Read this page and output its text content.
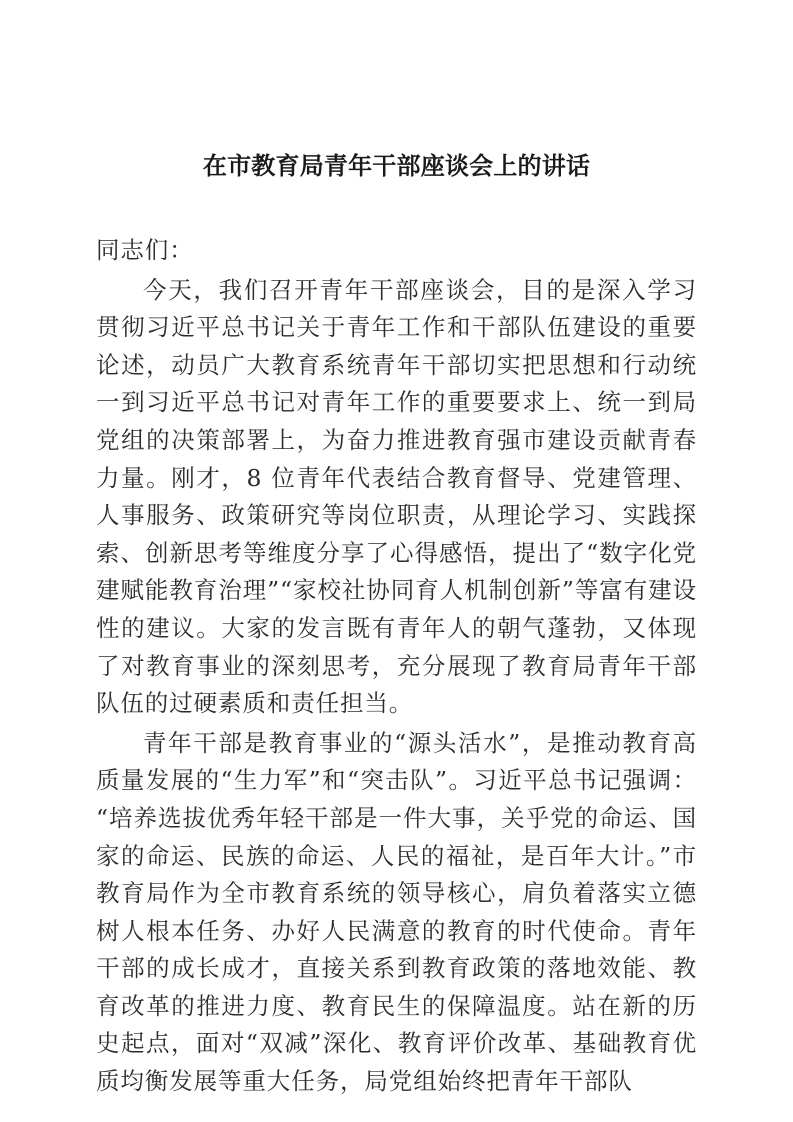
在市教育局青年干部座谈会上的讲话

同志们：

今天，我们召开青年干部座谈会，目的是深入学习贯彻习近平总书记关于青年工作和干部队伍建设的重要论述，动员广大教育系统青年干部切实把思想和行动统一到习近平总书记对青年工作的重要要求上、统一到局党组的决策部署上，为奋力推进教育强市建设贡献青春力量。刚才，8 位青年代表结合教育督导、党建管理、人事服务、政策研究等岗位职责，从理论学习、实践探索、创新思考等维度分享了心得感悟，提出了“数字化党建赋能教育治理”“家校社协同育人机制创新”等富有建设性的建议。大家的发言既有青年人的朝气蓬勃，又体现了对教育事业的深刻思考，充分展现了教育局青年干部队伍的过硬素质和责任担当。

青年干部是教育事业的“源头活水”，是推动教育高质量发展的“生力军”和“突击队”。习近平总书记强调：“培养选拔优秀年轻干部是一件大事，关乎党的命运、国家的命运、民族的命运、人民的福祉，是百年大计。”市教育局作为全市教育系统的领导核心，肩负着落实立德树人根本任务、办好人民满意的教育的时代使命。青年干部的成长成才，直接关系到教育政策的落地效能、教育改革的推进力度、教育民生的保障温度。站在新的历史起点，面对“双减”深化、教育评价改革、基础教育优质均衡发展等重大任务，局党组始终把青年干部队
